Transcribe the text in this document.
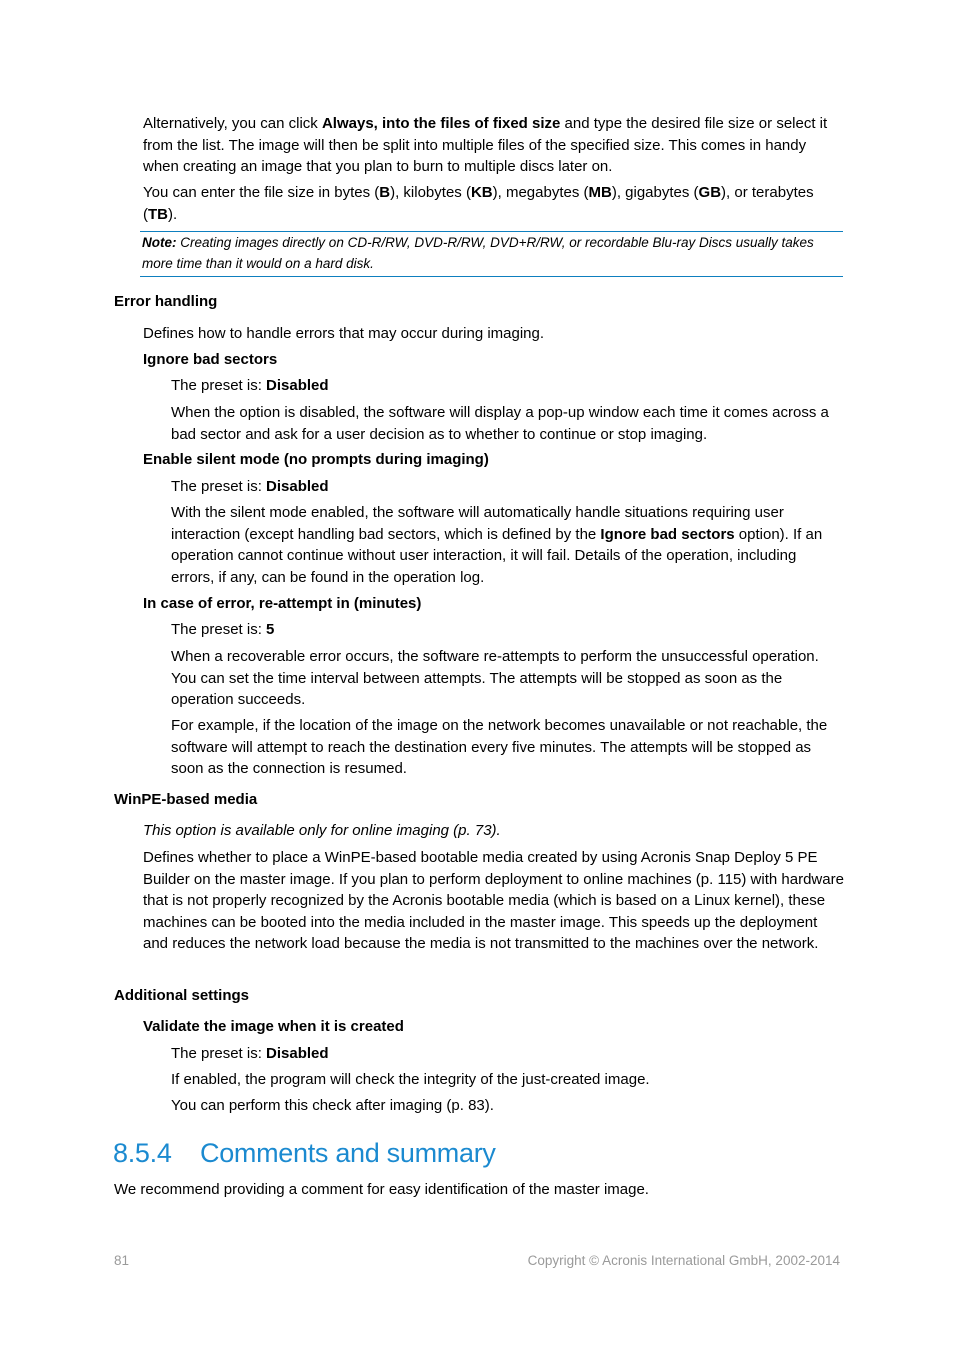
Alternatively, you can click Always, into the files of fixed size and type the desired file size or select it from the list. The image will then be split into multiple files of the specified size. This comes in handy when creating an image that you plan to burn to multiple discs later on.

You can enter the file size in bytes (B), kilobytes (KB), megabytes (MB), gigabytes (GB), or terabytes (TB).

Note: Creating images directly on CD-R/RW, DVD-R/RW, DVD+R/RW, or recordable Blu-ray Discs usually takes more time than it would on a hard disk.

Error handling

Defines how to handle errors that may occur during imaging.

Ignore bad sectors

The preset is: Disabled

When the option is disabled, the software will display a pop-up window each time it comes across a bad sector and ask for a user decision as to whether to continue or stop imaging.

Enable silent mode (no prompts during imaging)

The preset is: Disabled

With the silent mode enabled, the software will automatically handle situations requiring user interaction (except handling bad sectors, which is defined by the Ignore bad sectors option). If an operation cannot continue without user interaction, it will fail. Details of the operation, including errors, if any, can be found in the operation log.

In case of error, re-attempt in (minutes)

The preset is: 5

When a recoverable error occurs, the software re-attempts to perform the unsuccessful operation. You can set the time interval between attempts. The attempts will be stopped as soon as the operation succeeds.

For example, if the location of the image on the network becomes unavailable or not reachable, the software will attempt to reach the destination every five minutes. The attempts will be stopped as soon as the connection is resumed.

WinPE-based media

This option is available only for online imaging (p. 73).

Defines whether to place a WinPE-based bootable media created by using Acronis Snap Deploy 5 PE Builder on the master image. If you plan to perform deployment to online machines (p. 115) with hardware that is not properly recognized by the Acronis bootable media (which is based on a Linux kernel), these machines can be booted into the media included in the master image. This speeds up the deployment and reduces the network load because the media is not transmitted to the machines over the network.

Additional settings

Validate the image when it is created

The preset is: Disabled

If enabled, the program will check the integrity of the just-created image.

You can perform this check after imaging (p. 83).

8.5.4 Comments and summary

We recommend providing a comment for easy identification of the master image.

81	Copyright © Acronis International GmbH, 2002-2014
